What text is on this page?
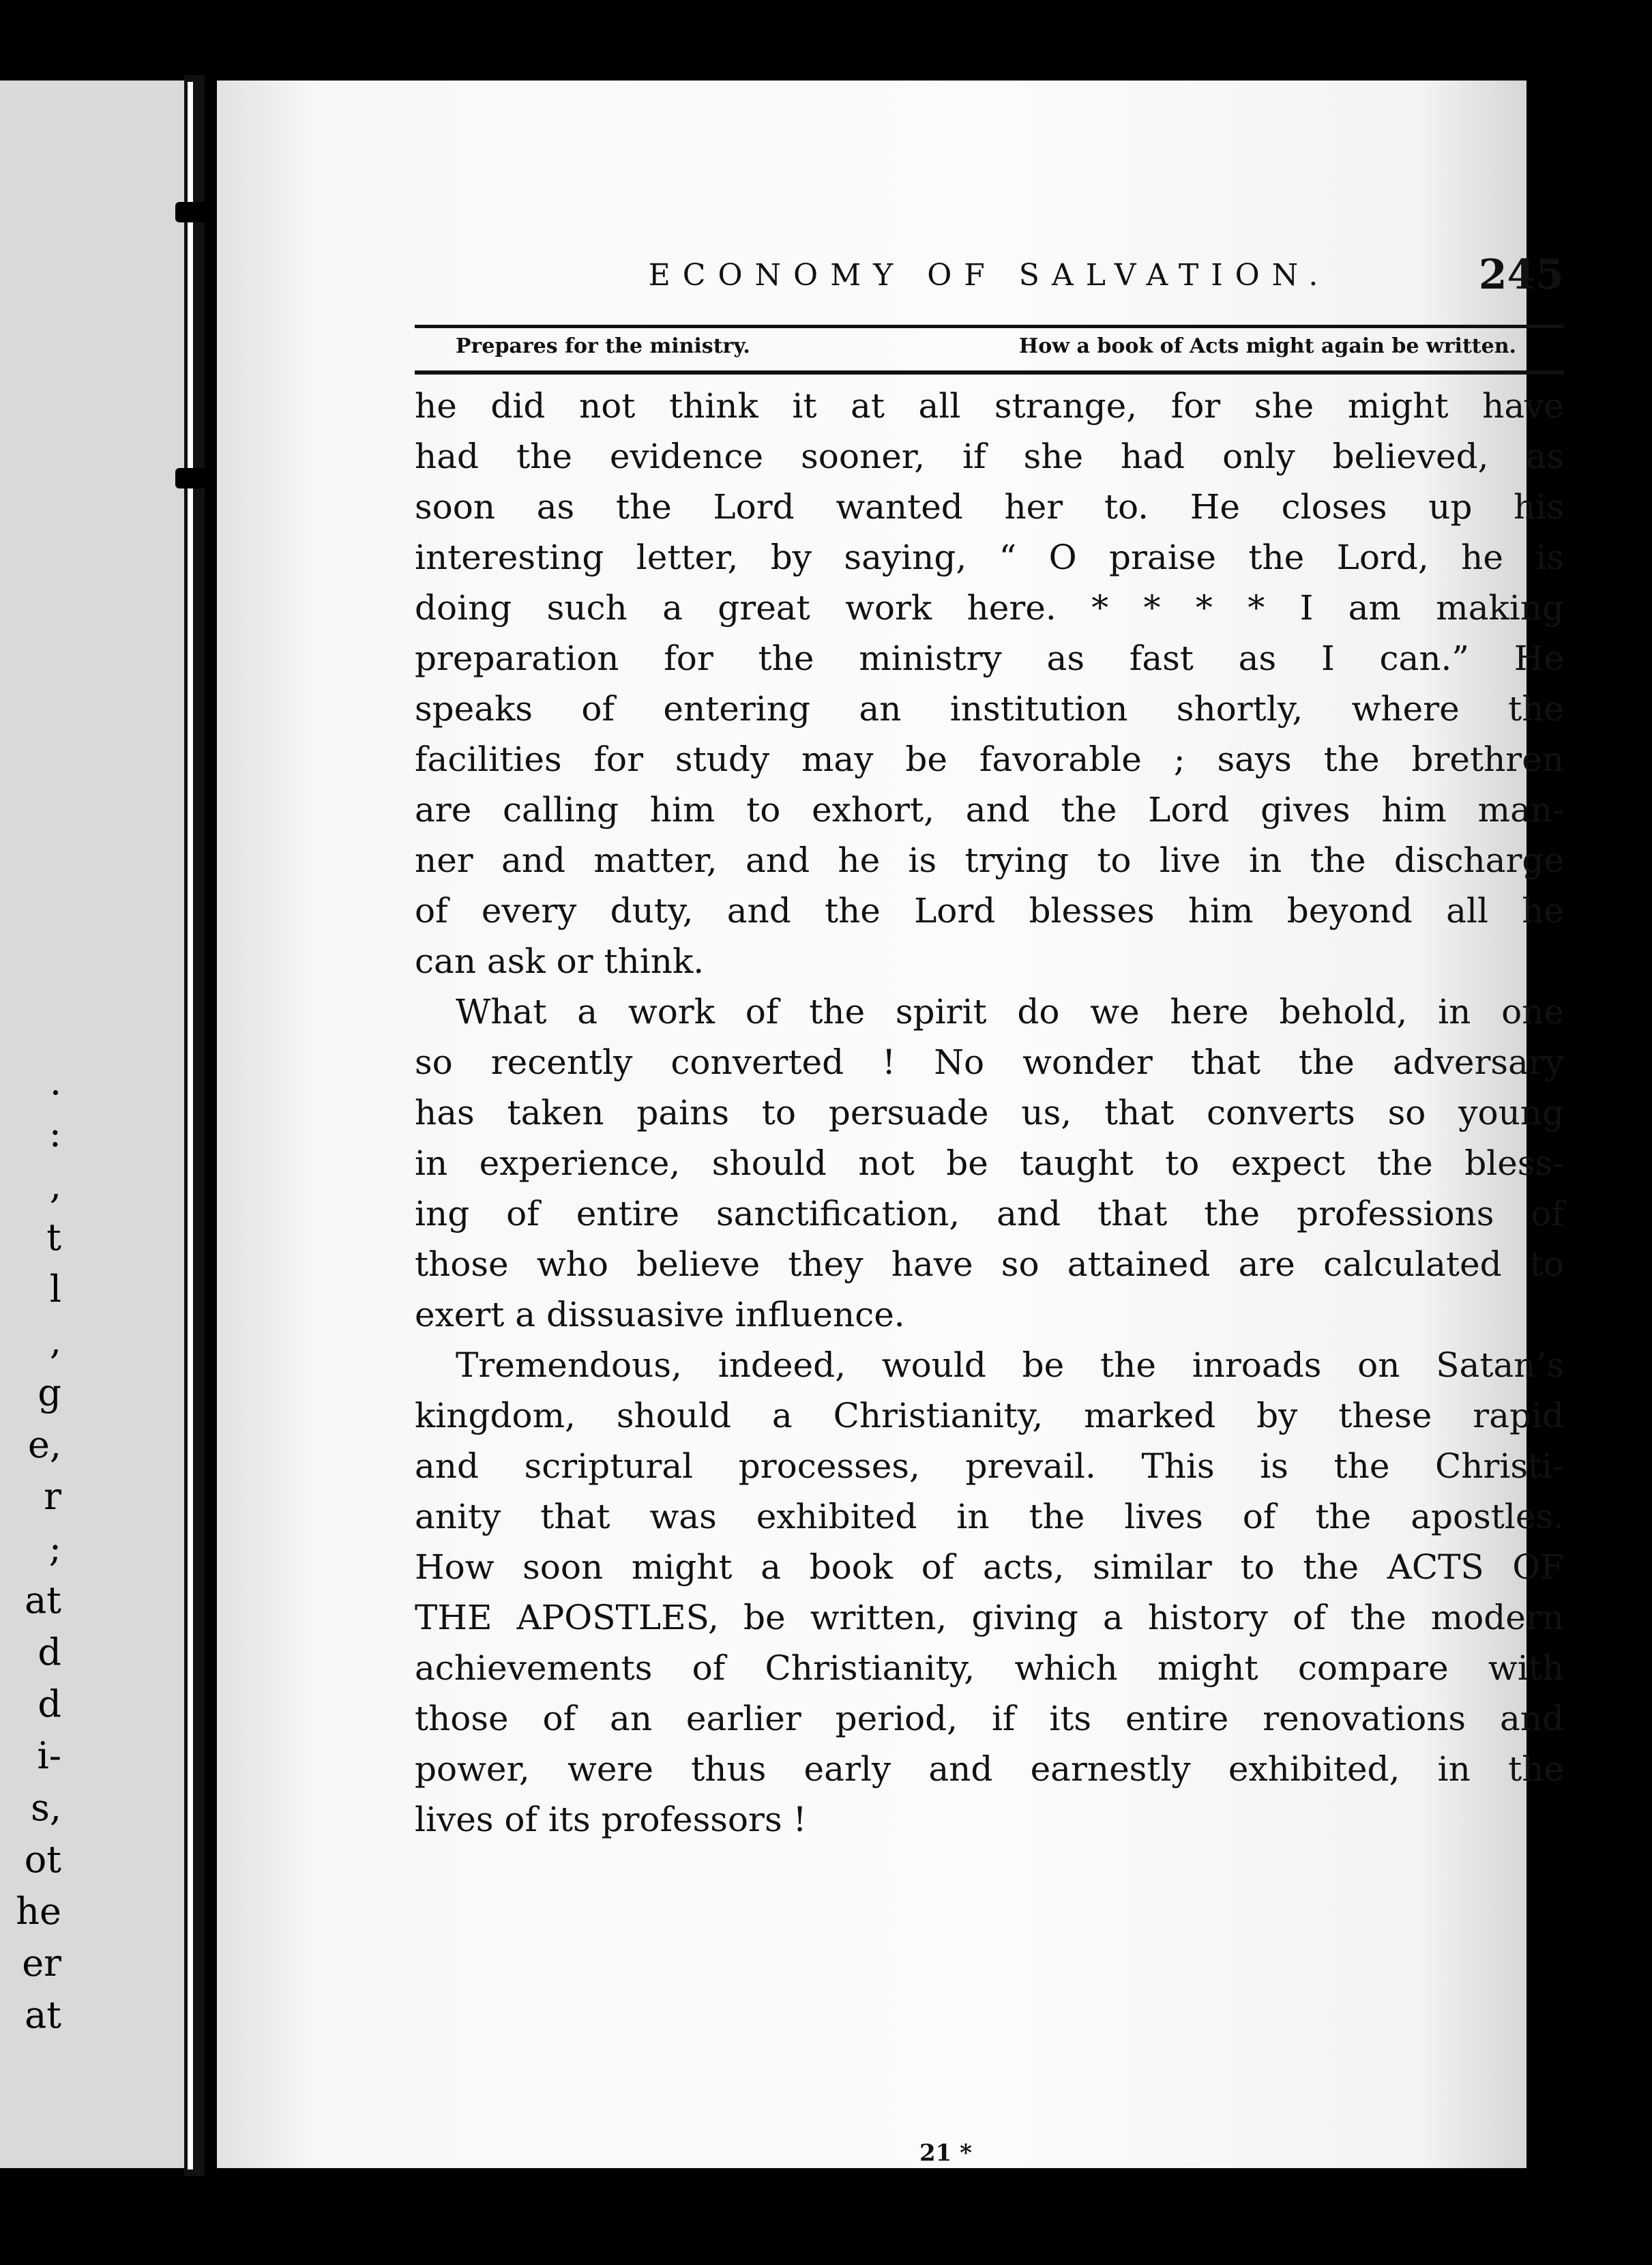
.
:
,
t
l
,
g
e,
r
;
at
d
d
i-
s,
ot
he
er
at
ECONOMY OF SALVATION.	245
Prepares for the ministry.	How a book of Acts might again be written.
he did not think it at all strange, for she might have
had the evidence sooner, if she had only believed, as
soon as the Lord wanted her to. He closes up his
interesting letter, by saying, “ O praise the Lord, he is
doing such a great work here. * * * * I am making
preparation for the ministry as fast as I can.” He
speaks of entering an institution shortly, where the
facilities for study may be favorable ; says the brethren
are calling him to exhort, and the Lord gives him man-
ner and matter, and he is trying to live in the discharge
of every duty, and the Lord blesses him beyond all he
can ask or think.
What a work of the spirit do we here behold, in one
so recently converted ! No wonder that the adversary
has taken pains to persuade us, that converts so young
in experience, should not be taught to expect the bless-
ing of entire sanctification, and that the professions of
those who believe they have so attained are calculated to
exert a dissuasive influence.
Tremendous, indeed, would be the inroads on Satan’s
kingdom, should a Christianity, marked by these rapid
and scriptural processes, prevail. This is the Christi-
anity that was exhibited in the lives of the apostles.
How soon might a book of acts, similar to the ACTS OF
THE APOSTLES, be written, giving a history of the modern
achievements of Christianity, which might compare with
those of an earlier period, if its entire renovations and
power, were thus early and earnestly exhibited, in the
lives of its professors !
21 *
